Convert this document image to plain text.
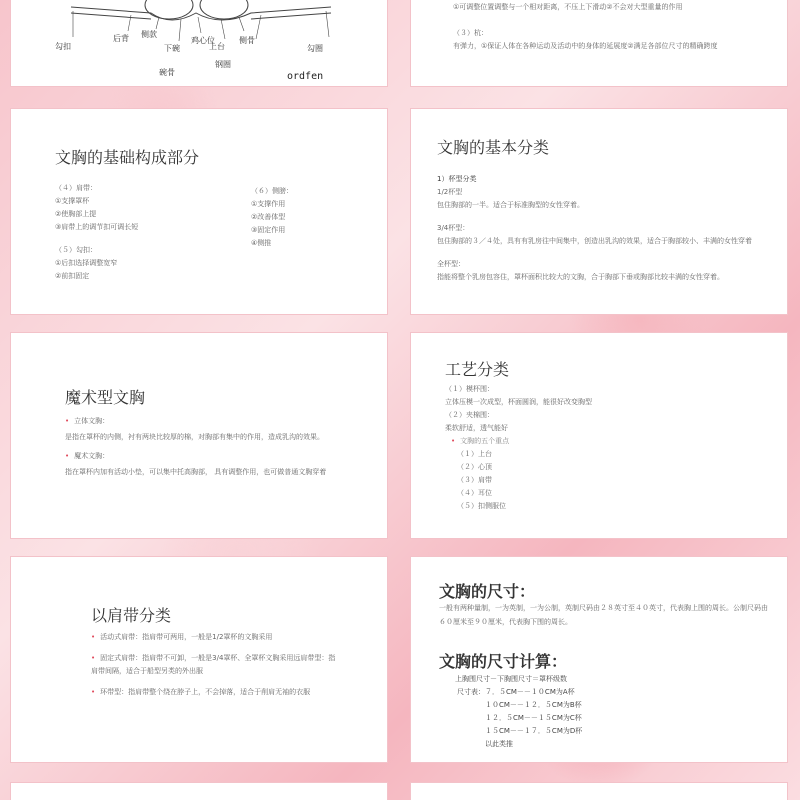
勾扣
后背 侧款
下碗
鸡心位
上台
侧骨
勾圈
碗骨
钢圈
ordfen
①可调整位置调整与一个相对距离，不压上下滑动②不会对大型重量的作用
（３）杭：
有弹力，①保证人体在各种运动及活动中的身体的延展度②满足各部位尺寸的精确跨度
文胸的基础构成部分
（４）肩带：
①支撑罩杯
②使胸部上提
③肩带上的调节扣可调长短
（５）勾扣：
①后扣选择调整宽窄
②前扣固定
（６）侧膀：
①支撑作用
②改善体型
③固定作用
④侧推
文胸的基本分类
1）杯型分类
1/2杯型
包住胸部的一半。适合于标准胸型的女性穿着。
3/4杯型：
包住胸部的３／４处，具有有乳房往中间集中，创造出乳沟的效果，适合于胸部较小、丰满的女性穿着
全杯型：
指能将整个乳房包容住，罩杯面积比较大的文胸，合于胸部下垂或胸部比较丰满的女性穿着。
魔术型文胸
• 立体文胸：
是指在罩杯的内侧，衬有两块比较厚的棉，对胸部有集中的作用，造成乳沟的效果。
• 魔术文胸：
指在罩杯内加有活动小垫，可以集中托高胸部， 具有调整作用，也可做普通文胸穿着
工艺分类
（１）模杯围：
立体压模一次成型，杯面圆润，能很好改变胸型
（２）夹棉围：
柔软舒适，透气能好
• 文胸的五个重点
（１）上台
（２）心顶
（３）肩带
（４）耳位
（５）扣侧服位
以肩带分类
• 活动式肩带：指肩带可两用，一般是1/2罩杯的文胸采用
• 固定式肩带：指肩带不可卸，一般是3/4罩杯、全罩杯文胸采用远肩带型：指肩带间隔，适合于船型另类的外出服
• 环带型：指肩带整个绕在脖子上，不会掉落，适合于削肩无袖的衣服
文胸的尺寸：
一般有两种量制，一为英制，一为公制，英制尺码由２８英寸至４０英寸，代表胸上围的周长。公制尺码由６０厘米至９０厘米，代表胸下围的周长。
文胸的尺寸计算：
上胸围尺寸－下胸围尺寸＝罩杯级数
尺寸表：７．５CM－－１０CM为A杯
１０CM－－１２．５CM为B杯
１２．５CM－－１５CM为C杯
１５CM－－１７．５CM为D杯
以此类推
